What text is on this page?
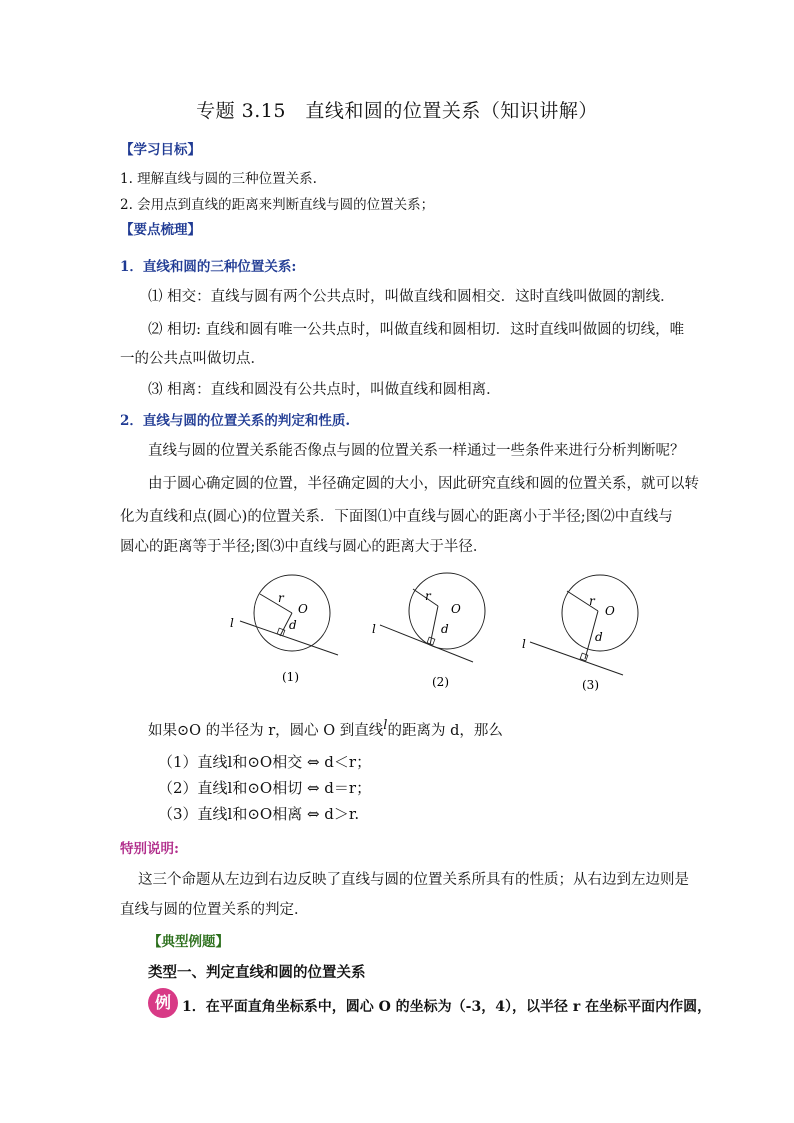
专题 3.15　直线和圆的位置关系（知识讲解）
【学习目标】
1. 理解直线与圆的三种位置关系.
2. 会用点到直线的距离来判断直线与圆的位置关系；
【要点梳理】
1．直线和圆的三种位置关系:
⑴ 相交：直线与圆有两个公共点时，叫做直线和圆相交．这时直线叫做圆的割线．
⑵ 相切: 直线和圆有唯一公共点时，叫做直线和圆相切．这时直线叫做圆的切线，唯
一的公共点叫做切点．
⑶ 相离：直线和圆没有公共点时，叫做直线和圆相离．
2．直线与圆的位置关系的判定和性质.
直线与圆的位置关系能否像点与圆的位置关系一样通过一些条件来进行分析判断呢？
由于圆心确定圆的位置，半径确定圆的大小，因此研究直线和圆的位置关系，就可以转
化为直线和点(圆心)的位置关系．下面图⑴中直线与圆心的距离小于半径;图⑵中直线与
圆心的距离等于半径;图⑶中直线与圆心的距离大于半径．
r
O
d
l
(1)
r
O
d
l
(2)
r
O
d
l
(3)
如果⊙O 的半径为 r，圆心 O 到直线l的距离为 d，那么
（1）直线l和⊙O相交 ⇔ d＜r；
（2）直线l和⊙O相切 ⇔ d＝r；
（3）直线l和⊙O相离 ⇔ d＞r.
特别说明:
这三个命题从左边到右边反映了直线与圆的位置关系所具有的性质；从右边到左边则是
直线与圆的位置关系的判定．
【典型例题】
类型一、判定直线和圆的位置关系
例 1．在平面直角坐标系中，圆心 O 的坐标为（-3，4），以半径 r 在坐标平面内作圆，
